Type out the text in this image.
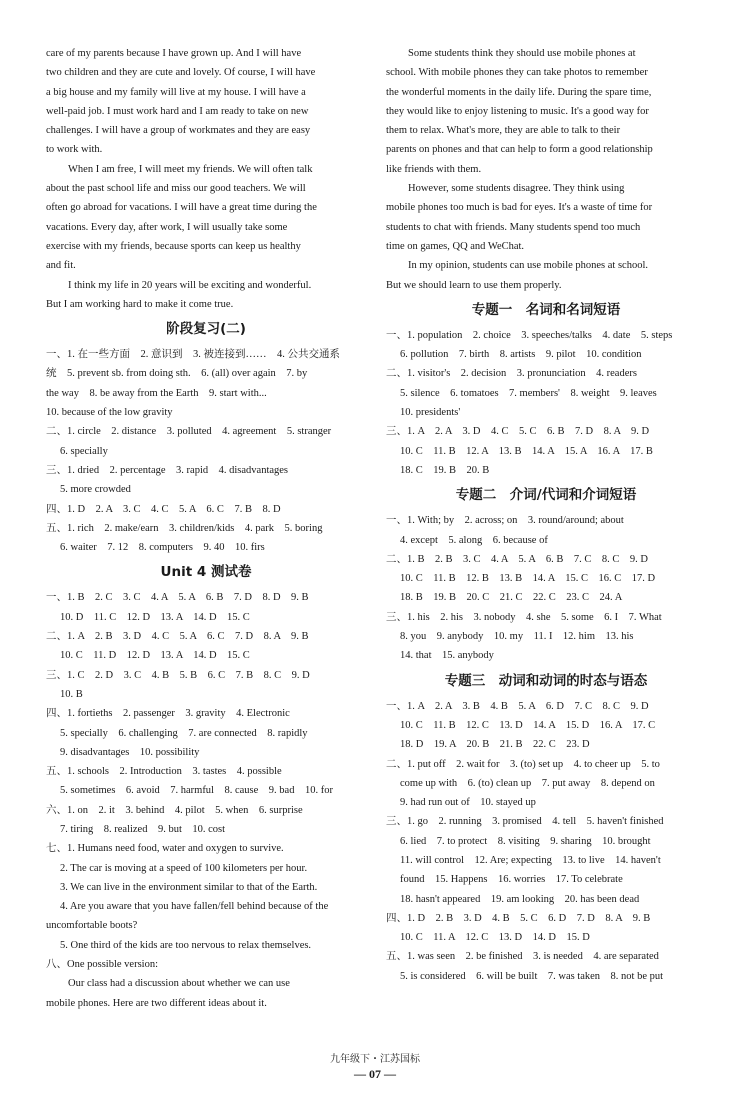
care of my parents because I have grown up. And I will have
two children and they are cute and lovely. Of course, I will have
a big house and my family will live at my house. I will have a
well-paid job. I must work hard and I am ready to take on new
challenges. I will have a group of workmates and they are easy
to work with.
When I am free, I will meet my friends. We will often talk
about the past school life and miss our good teachers. We will
often go abroad for vacations. I will have a great time during the
vacations. Every day, after work, I will usually take some
exercise with my friends, because sports can keep us healthy
and fit.
I think my life in 20 years will be exciting and wonderful.
But I am working hard to make it come true.
阶段复习(二)
一、1. 在一些方面　2. 意识到　3. 被连接到……　4. 公共交通系
统　5. prevent sb. from doing sth.　6. (all) over again　7. by
the way　8. be away from the Earth　9. start with...
10. because of the low gravity
二、1. circle　2. distance　3. polluted　4. agreement　5. stranger
6. specially
三、1. dried　2. percentage　3. rapid　4. disadvantages
5. more crowded
四、1. D　2. A　3. C　4. C　5. A　6. C　7. B　8. D
五、1. rich　2. make/earn　3. children/kids　4. park　5. boring
6. waiter　7. 12　8. computers　9. 40　10. firs
Unit 4 测试卷
一、1. B　2. C　3. C　4. A　5. A　6. B　7. D　8. D　9. B
10. D　11. C　12. D　13. A　14. D　15. C
二、1. A　2. B　3. D　4. C　5. A　6. C　7. D　8. A　9. B
10. C　11. D　12. D　13. A　14. D　15. C
三、1. C　2. D　3. C　4. B　5. B　6. C　7. B　8. C　9. D
10. B
四、1. fortieths　2. passenger　3. gravity　4. Electronic
5. specially　6. challenging　7. are connected　8. rapidly
9. disadvantages　10. possibility
五、1. schools　2. Introduction　3. tastes　4. possible
5. sometimes　6. avoid　7. harmful　8. cause　9. bad　10. for
六、1. on　2. it　3. behind　4. pilot　5. when　6. surprise
7. tiring　8. realized　9. but　10. cost
七、1. Humans need food, water and oxygen to survive.
2. The car is moving at a speed of 100 kilometers per hour.
3. We can live in the environment similar to that of the Earth.
4. Are you aware that you have fallen/fell behind because of the
uncomfortable boots?
5. One third of the kids are too nervous to relax themselves.
八、One possible version:
Our class had a discussion about whether we can use
mobile phones. Here are two different ideas about it.
Some students think they should use mobile phones at
school. With mobile phones they can take photos to remember
the wonderful moments in the daily life. During the spare time,
they would like to enjoy listening to music. It's a good way for
them to relax. What's more, they are able to talk to their
parents on phones and that can help to form a good relationship
like friends with them.
However, some students disagree. They think using
mobile phones too much is bad for eyes. It's a waste of time for
students to chat with friends. Many students spend too much
time on games, QQ and WeChat.
In my opinion, students can use mobile phones at school.
But we should learn to use them properly.
专题一　名词和名词短语
一、1. population　2. choice　3. speeches/talks　4. date　5. steps
6. pollution　7. birth　8. artists　9. pilot　10. condition
二、1. visitor's　2. decision　3. pronunciation　4. readers
5. silence　6. tomatoes　7. members'　8. weight　9. leaves
10. presidents'
三、1. A　2. A　3. D　4. C　5. C　6. B　7. D　8. A　9. D
10. C　11. B　12. A　13. B　14. A　15. A　16. A　17. B
18. C　19. B　20. B
专题二　介词/代词和介词短语
一、1. With; by　2. across; on　3. round/around; about
4. except　5. along　6. because of
二、1. B　2. B　3. C　4. A　5. A　6. B　7. C　8. C　9. D
10. C　11. B　12. B　13. B　14. A　15. C　16. C　17. D
18. B　19. B　20. C　21. C　22. C　23. C　24. A
三、1. his　2. his　3. nobody　4. she　5. some　6. I　7. What
8. you　9. anybody　10. my　11. I　12. him　13. his
14. that　15. anybody
专题三　动词和动词的时态与语态
一、1. A　2. A　3. B　4. B　5. A　6. D　7. C　8. C　9. D
10. C　11. B　12. C　13. D　14. A　15. D　16. A　17. C
18. D　19. A　20. B　21. B　22. C　23. D
二、1. put off　2. wait for　3. (to) set up　4. to cheer up　5. to
come up with　6. (to) clean up　7. put away　8. depend on
9. had run out of　10. stayed up
三、1. go　2. running　3. promised　4. tell　5. haven't finished
6. lied　7. to protect　8. visiting　9. sharing　10. brought
11. will control　12. Are; expecting　13. to live　14. haven't
found　15. Happens　16. worries　17. To celebrate
18. hasn't appeared　19. am looking　20. has been dead
四、1. D　2. B　3. D　4. B　5. C　6. D　7. D　8. A　9. B
10. C　11. A　12. C　13. D　14. D　15. D
五、1. was seen　2. be finished　3. is needed　4. are separated
5. is considered　6. will be built　7. was taken　8. not be put
九年级下・江苏国标
— 07 —
